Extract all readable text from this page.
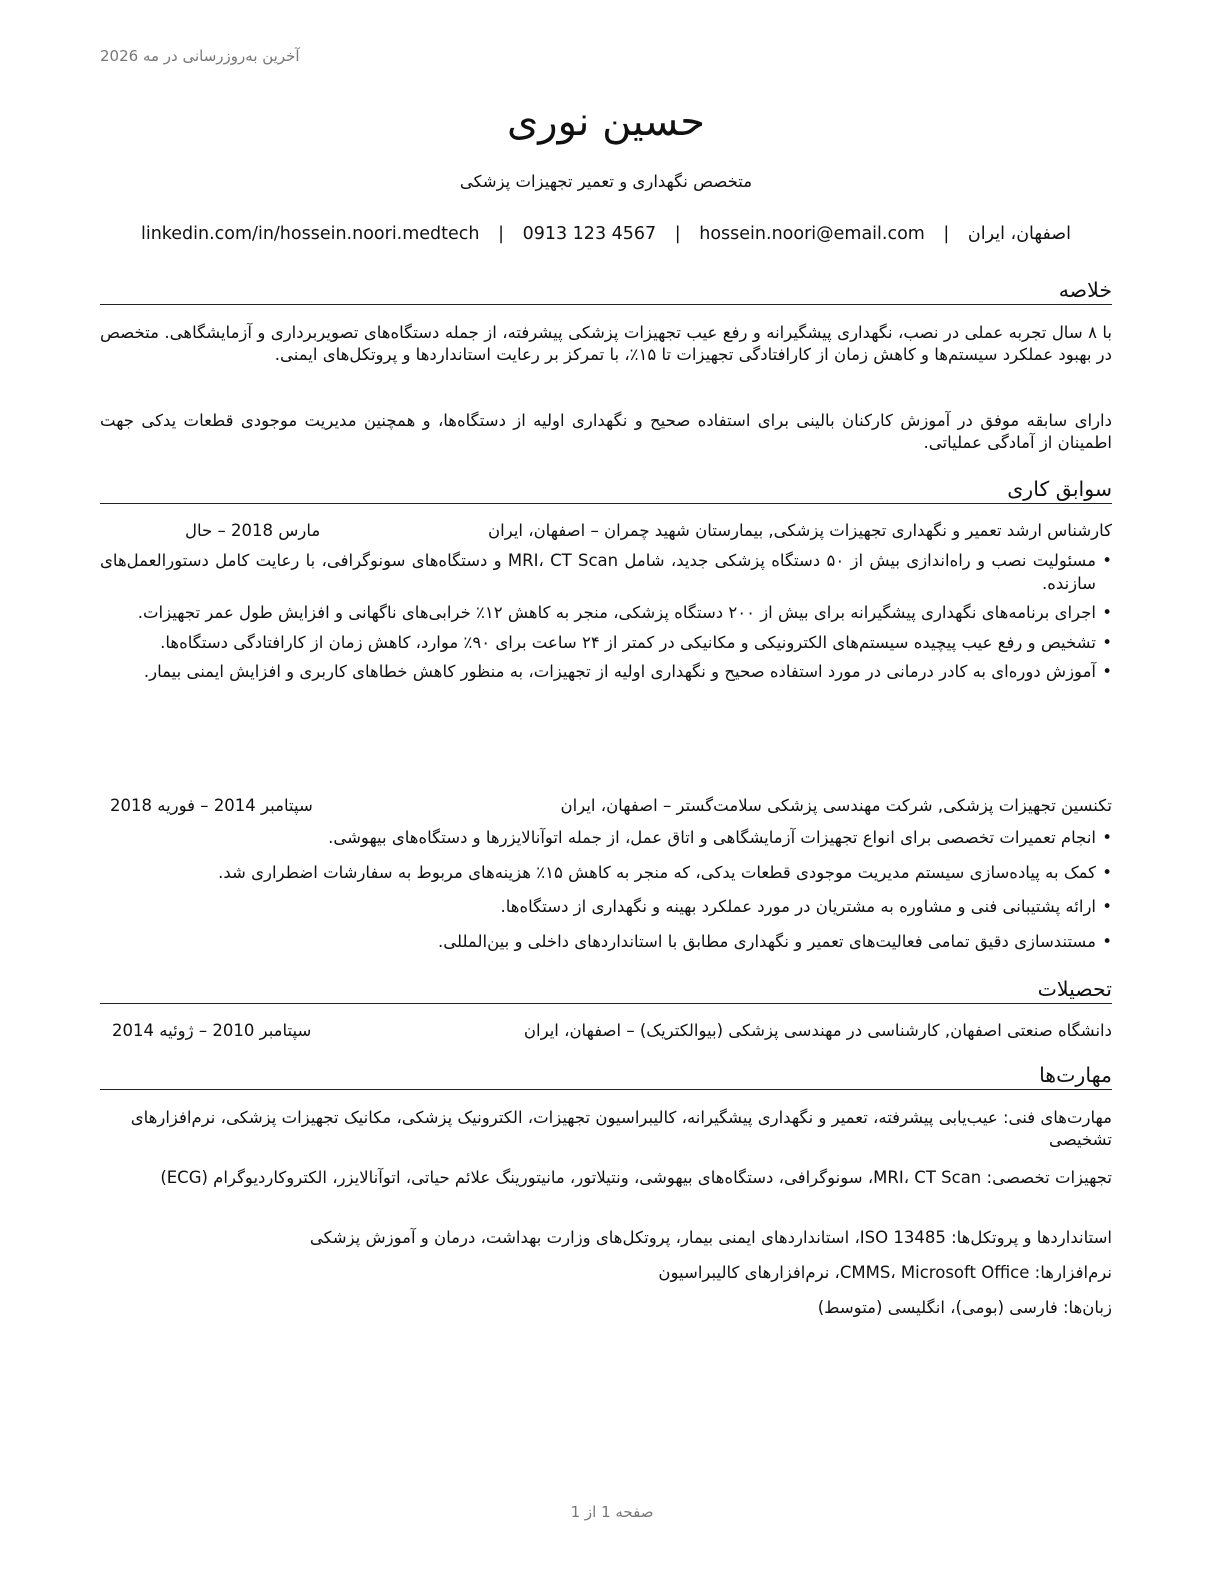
آخرین به‌روزرسانی در مه 2026
حسین نوری
متخصص نگهداری و تعمیر تجهیزات پزشکی
اصفهان، ایران | hossein.noori@email.com | 0913 123 4567 | linkedin.com/in/hossein.noori.medtech
خلاصه

با ۸ سال تجربه عملی در نصب، نگهداری پیشگیرانه و رفع عیب تجهیزات پزشکی پیشرفته، از جمله دستگاه‌های تصویربرداری و آزمایشگاهی. متخصص در بهبود عملکرد سیستم‌ها و کاهش زمان از کارافتادگی تجهیزات تا ۱۵٪، با تمرکز بر رعایت استانداردها و پروتکل‌های ایمنی.

دارای سابقه موفق در آموزش کارکنان بالینی برای استفاده صحیح و نگهداری اولیه از دستگاه‌ها، و همچنین مدیریت موجودی قطعات یدکی جهت اطمینان از آمادگی عملیاتی.

سوابق کاری
کارشناس ارشد تعمیر و نگهداری تجهیزات پزشکی, بیمارستان شهید چمران – اصفهان، ایران
مارس 2018 – حال
•
مسئولیت نصب و راه‌اندازی بیش از ۵۰ دستگاه پزشکی جدید، شامل MRI، CT Scan و دستگاه‌های سونوگرافی، با رعایت کامل دستورالعمل‌های سازنده.
•
اجرای برنامه‌های نگهداری پیشگیرانه برای بیش از ۲۰۰ دستگاه پزشکی، منجر به کاهش ۱۲٪ خرابی‌های ناگهانی و افزایش طول عمر تجهیزات.
•
تشخیص و رفع عیب پیچیده سیستم‌های الکترونیکی و مکانیکی در کمتر از ۲۴ ساعت برای ۹۰٪ موارد، کاهش زمان از کارافتادگی دستگاه‌ها.
•
آموزش دوره‌ای به کادر درمانی در مورد استفاده صحیح و نگهداری اولیه از تجهیزات، به منظور کاهش خطاهای کاربری و افزایش ایمنی بیمار.
تکنسین تجهیزات پزشکی, شرکت مهندسی پزشکی سلامت‌گستر – اصفهان، ایران
سپتامبر 2014 – فوریه 2018
•
انجام تعمیرات تخصصی برای انواع تجهیزات آزمایشگاهی و اتاق عمل، از جمله اتوآنالایزرها و دستگاه‌های بیهوشی.
•
کمک به پیاده‌سازی سیستم مدیریت موجودی قطعات یدکی، که منجر به کاهش ۱۵٪ هزینه‌های مربوط به سفارشات اضطراری شد.
•
ارائه پشتیبانی فنی و مشاوره به مشتریان در مورد عملکرد بهینه و نگهداری از دستگاه‌ها.
•
مستندسازی دقیق تمامی فعالیت‌های تعمیر و نگهداری مطابق با استانداردهای داخلی و بین‌المللی.
تحصیلات
دانشگاه صنعتی اصفهان, کارشناسی در مهندسی پزشکی (بیوالکتریک) – اصفهان، ایران
سپتامبر 2010 – ژوئیه 2014
مهارت‌ها

مهارت‌های فنی: عیب‌یابی پیشرفته، تعمیر و نگهداری پیشگیرانه، کالیبراسیون تجهیزات، الکترونیک پزشکی، مکانیک تجهیزات پزشکی، نرم‌افزارهای تشخیصی

تجهیزات تخصصی: MRI، CT Scan، سونوگرافی، دستگاه‌های بیهوشی، ونتیلاتور، مانیتورینگ علائم حیاتی، اتوآنالایزر، الکتروکاردیوگرام (ECG)

استانداردها و پروتکل‌ها: ISO 13485، استانداردهای ایمنی بیمار، پروتکل‌های وزارت بهداشت، درمان و آموزش پزشکی

نرم‌افزارها: CMMS، Microsoft Office، نرم‌افزارهای کالیبراسیون

زبان‌ها: فارسی (بومی)، انگلیسی (متوسط)

صفحه 1 از 1
